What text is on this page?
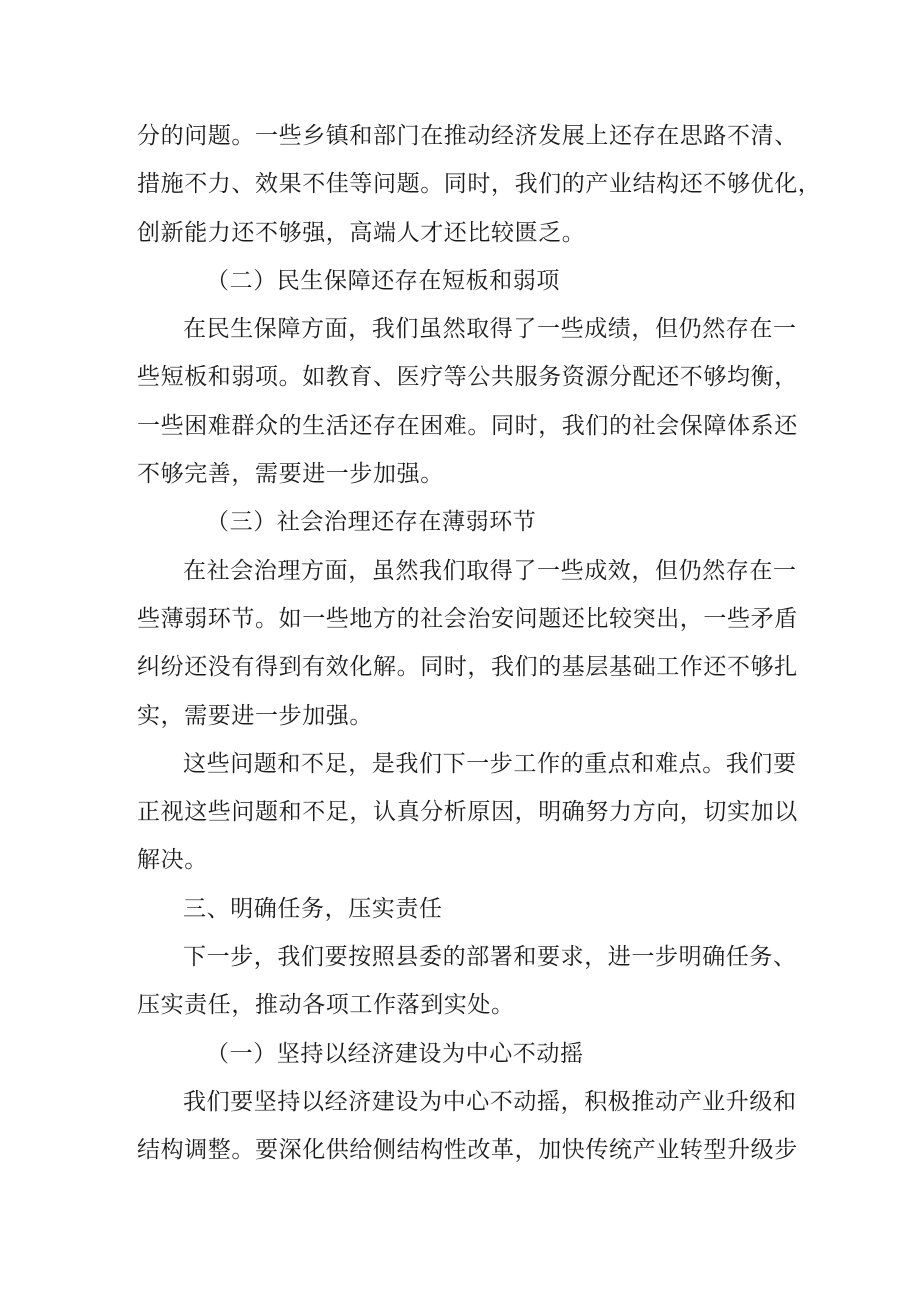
分的问题。一些乡镇和部门在推动经济发展上还存在思路不清、
措施不力、效果不佳等问题。同时，我们的产业结构还不够优化，
创新能力还不够强，高端人才还比较匮乏。
（二）民生保障还存在短板和弱项
在民生保障方面，我们虽然取得了一些成绩，但仍然存在一
些短板和弱项。如教育、医疗等公共服务资源分配还不够均衡，
一些困难群众的生活还存在困难。同时，我们的社会保障体系还
不够完善，需要进一步加强。
（三）社会治理还存在薄弱环节
在社会治理方面，虽然我们取得了一些成效，但仍然存在一
些薄弱环节。如一些地方的社会治安问题还比较突出，一些矛盾
纠纷还没有得到有效化解。同时，我们的基层基础工作还不够扎
实，需要进一步加强。
这些问题和不足，是我们下一步工作的重点和难点。我们要
正视这些问题和不足，认真分析原因，明确努力方向，切实加以
解决。
三、明确任务，压实责任
下一步，我们要按照县委的部署和要求，进一步明确任务、
压实责任，推动各项工作落到实处。
（一）坚持以经济建设为中心不动摇
我们要坚持以经济建设为中心不动摇，积极推动产业升级和
结构调整。要深化供给侧结构性改革，加快传统产业转型升级步
